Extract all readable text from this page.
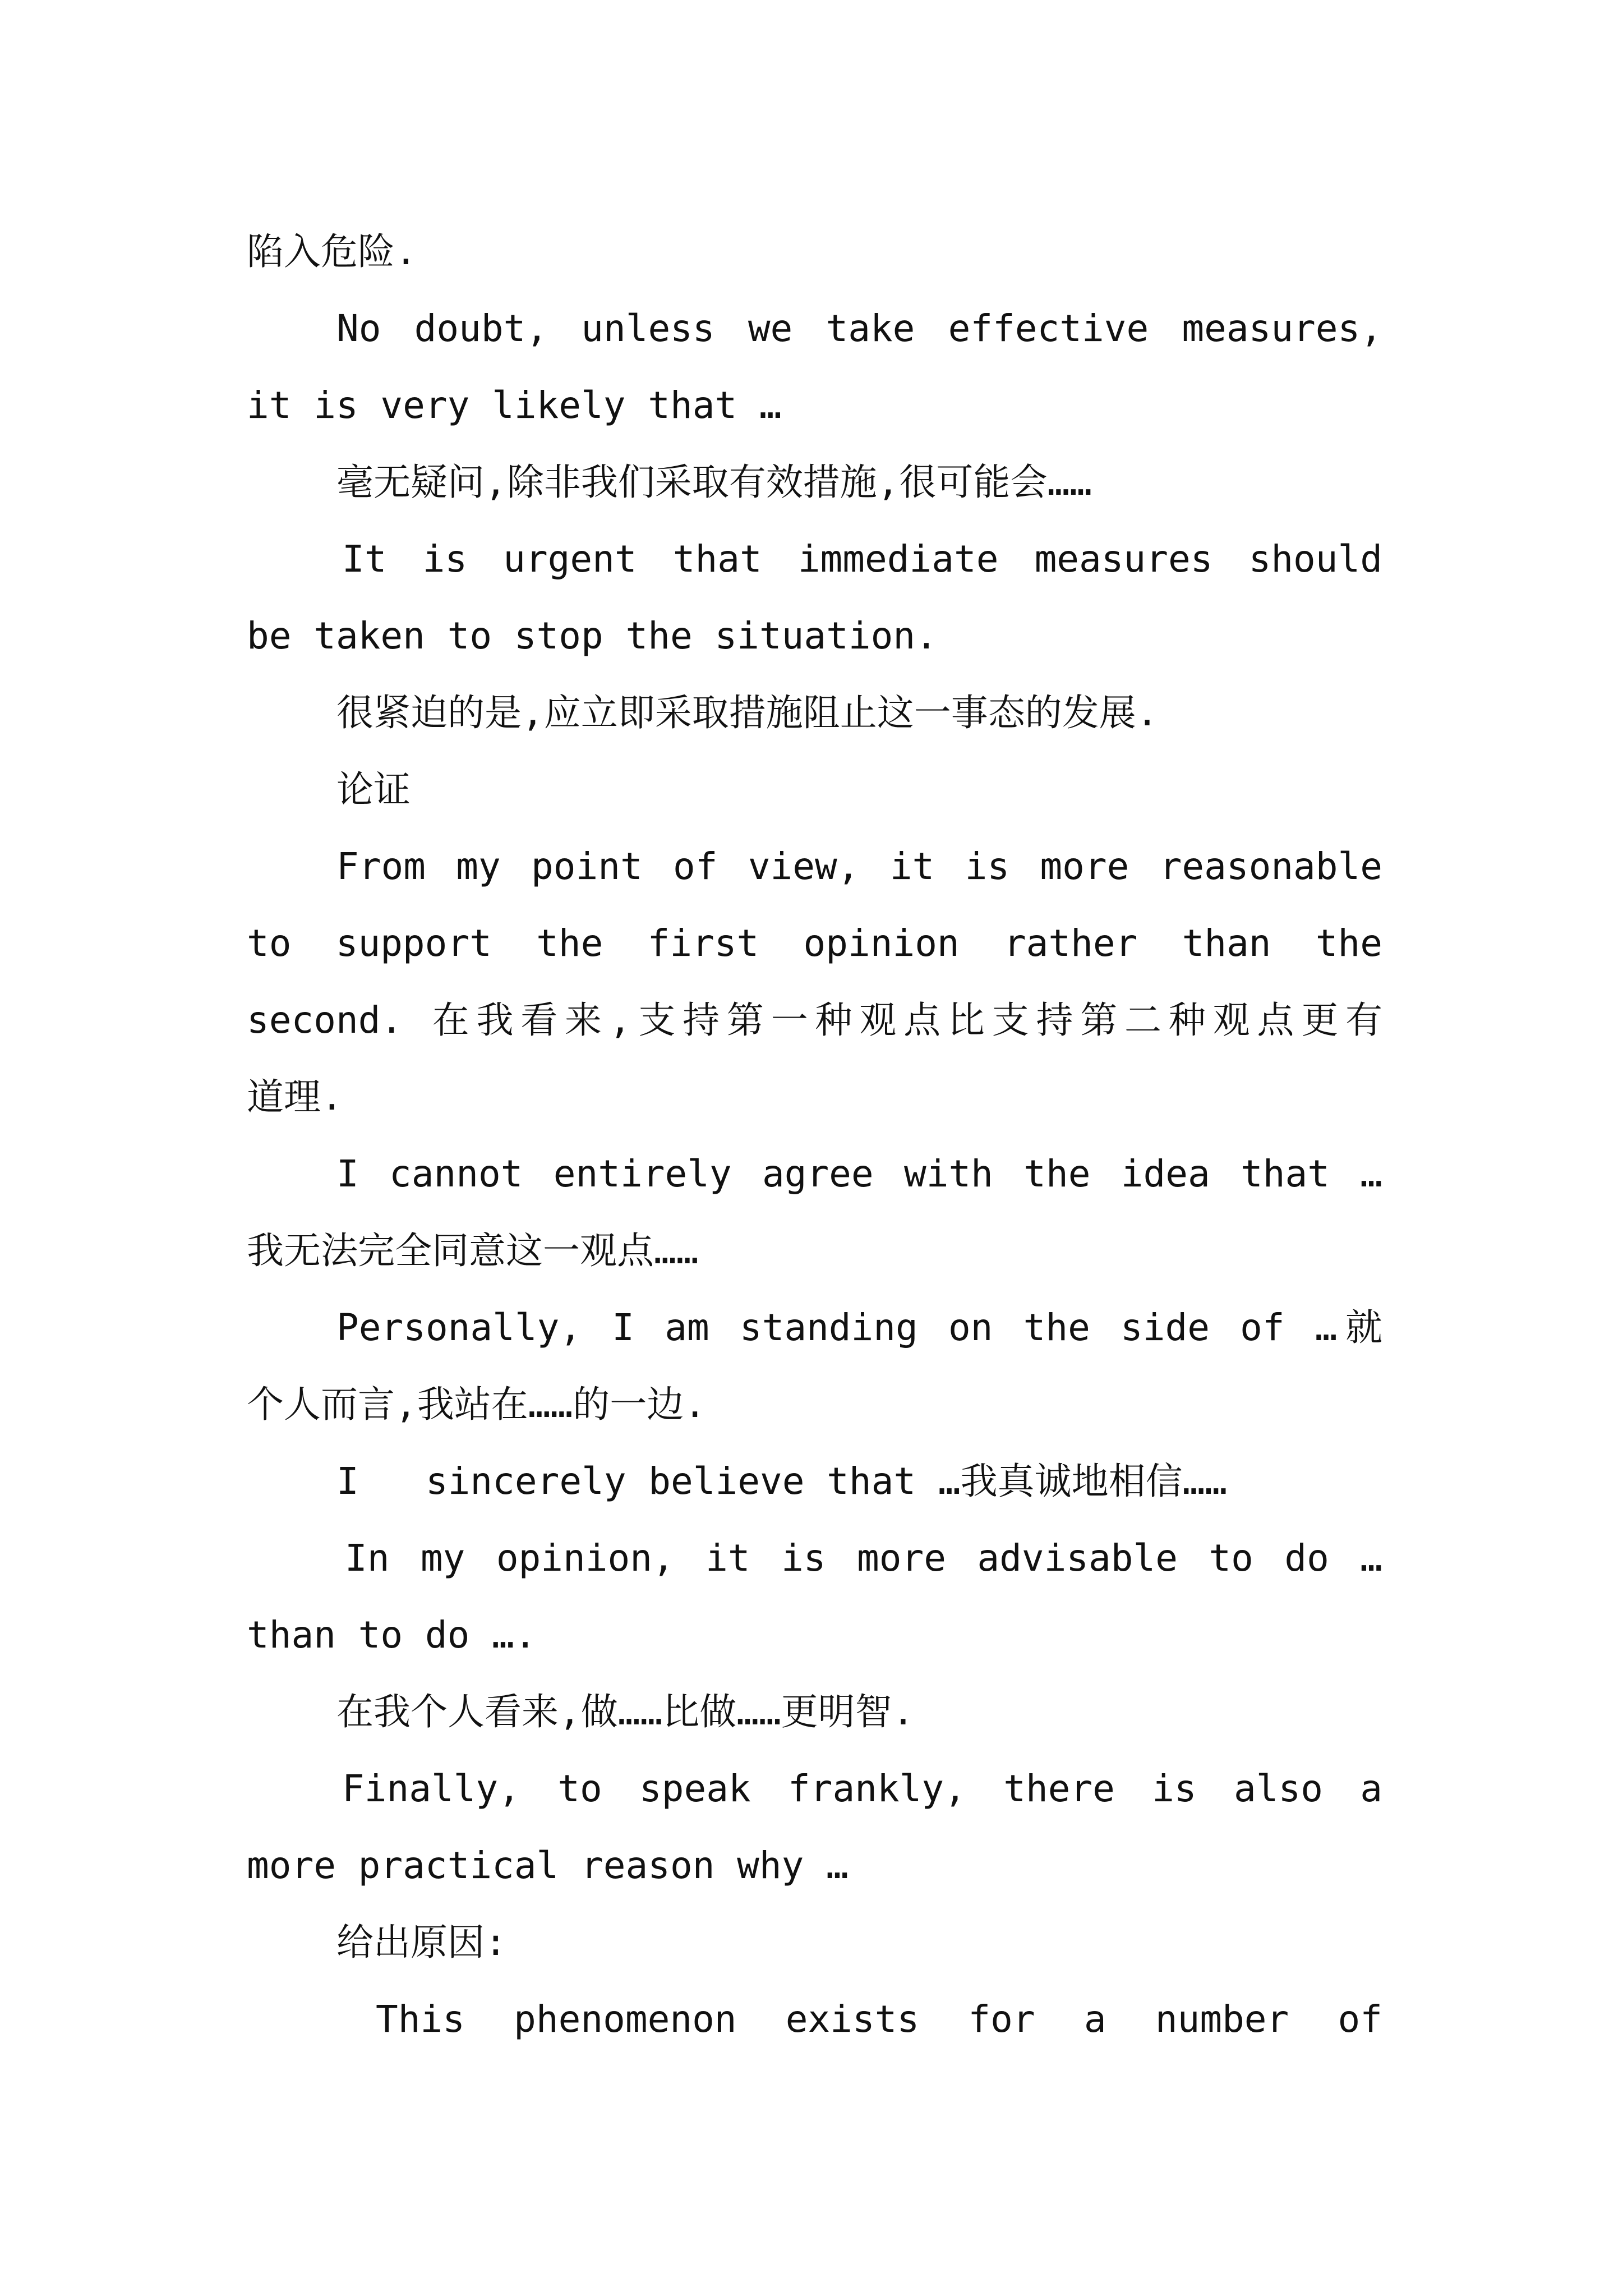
陷入危险.
No doubt, unless we take effective measures,
it is very likely that …
毫无疑问,除非我们采取有效措施,很可能会……
It is urgent that immediate measures should
be taken to stop the situation.
很紧迫的是,应立即采取措施阻止这一事态的发展.
论证
From my point of view, it is more reasonable
to support the first opinion rather than the
second. 在我看来,支持第一种观点比支持第二种观点更有
道理.
I cannot entirely agree with the idea that …
我无法完全同意这一观点……
Personally, I am standing on the side of …就
个人而言,我站在……的一边.
I   sincerely believe that …我真诚地相信……
In my opinion, it is more advisable to do …
than to do ….
在我个人看来,做……比做……更明智.
Finally, to speak frankly, there is also a
more practical reason why …
给出原因:
This phenomenon exists for a number of
